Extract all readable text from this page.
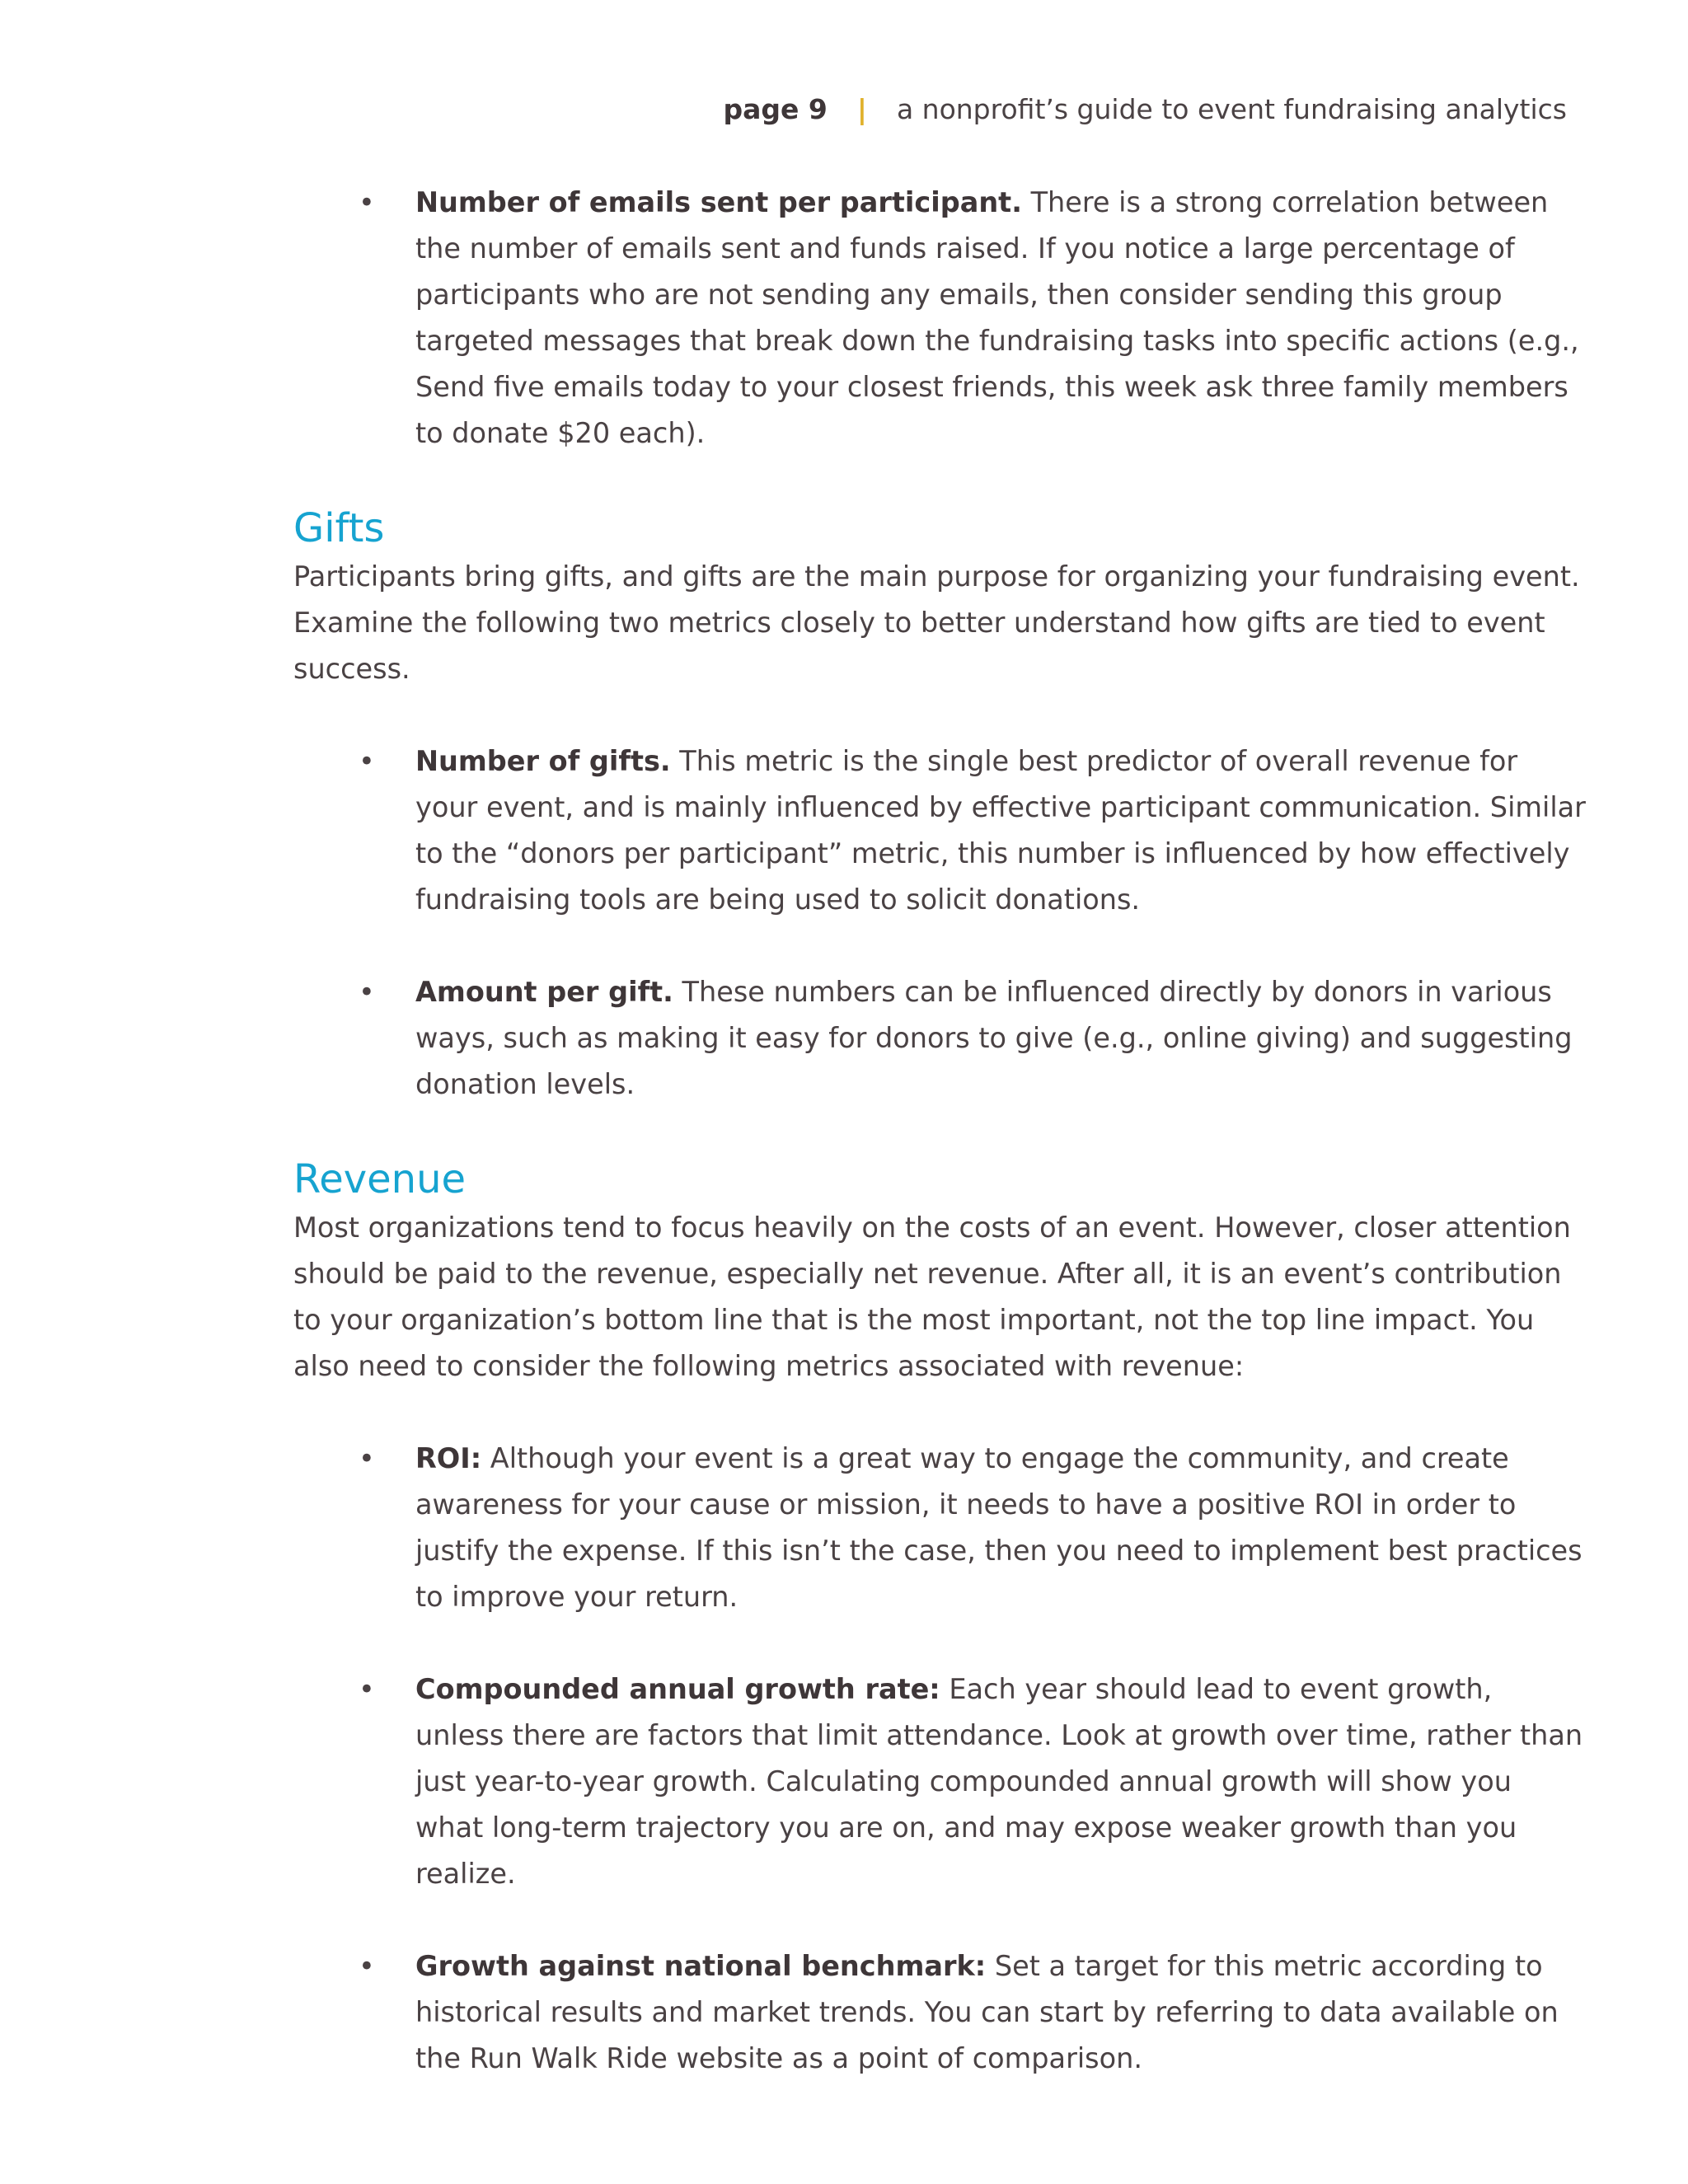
page 9 | a nonprofit’s guide to event fundraising analytics
• Number of emails sent per participant. There is a strong correlation between the number of emails sent and funds raised. If you notice a large percentage of participants who are not sending any emails, then consider sending this group targeted messages that break down the fundraising tasks into specific actions (e.g., Send five emails today to your closest friends, this week ask three family members to donate $20 each).
Gifts

Participants bring gifts, and gifts are the main purpose for organizing your fundraising event. Examine the following two metrics closely to better understand how gifts are tied to event success.

• Number of gifts. This metric is the single best predictor of overall revenue for your event, and is mainly influenced by effective participant communication. Similar to the “donors per participant” metric, this number is influenced by how effectively fundraising tools are being used to solicit donations.
• Amount per gift. These numbers can be influenced directly by donors in various ways, such as making it easy for donors to give (e.g., online giving) and suggesting donation levels.
Revenue

Most organizations tend to focus heavily on the costs of an event. However, closer attention should be paid to the revenue, especially net revenue. After all, it is an event’s contribution to your organization’s bottom line that is the most important, not the top line impact. You also need to consider the following metrics associated with revenue:

• ROI: Although your event is a great way to engage the community, and create awareness for your cause or mission, it needs to have a positive ROI in order to justify the expense. If this isn’t the case, then you need to implement best practices to improve your return.
• Compounded annual growth rate: Each year should lead to event growth, unless there are factors that limit attendance. Look at growth over time, rather than just year-to-year growth. Calculating compounded annual growth will show you what long-term trajectory you are on, and may expose weaker growth than you realize.
• Growth against national benchmark: Set a target for this metric according to historical results and market trends. You can start by referring to data available on the Run Walk Ride website as a point of comparison.
